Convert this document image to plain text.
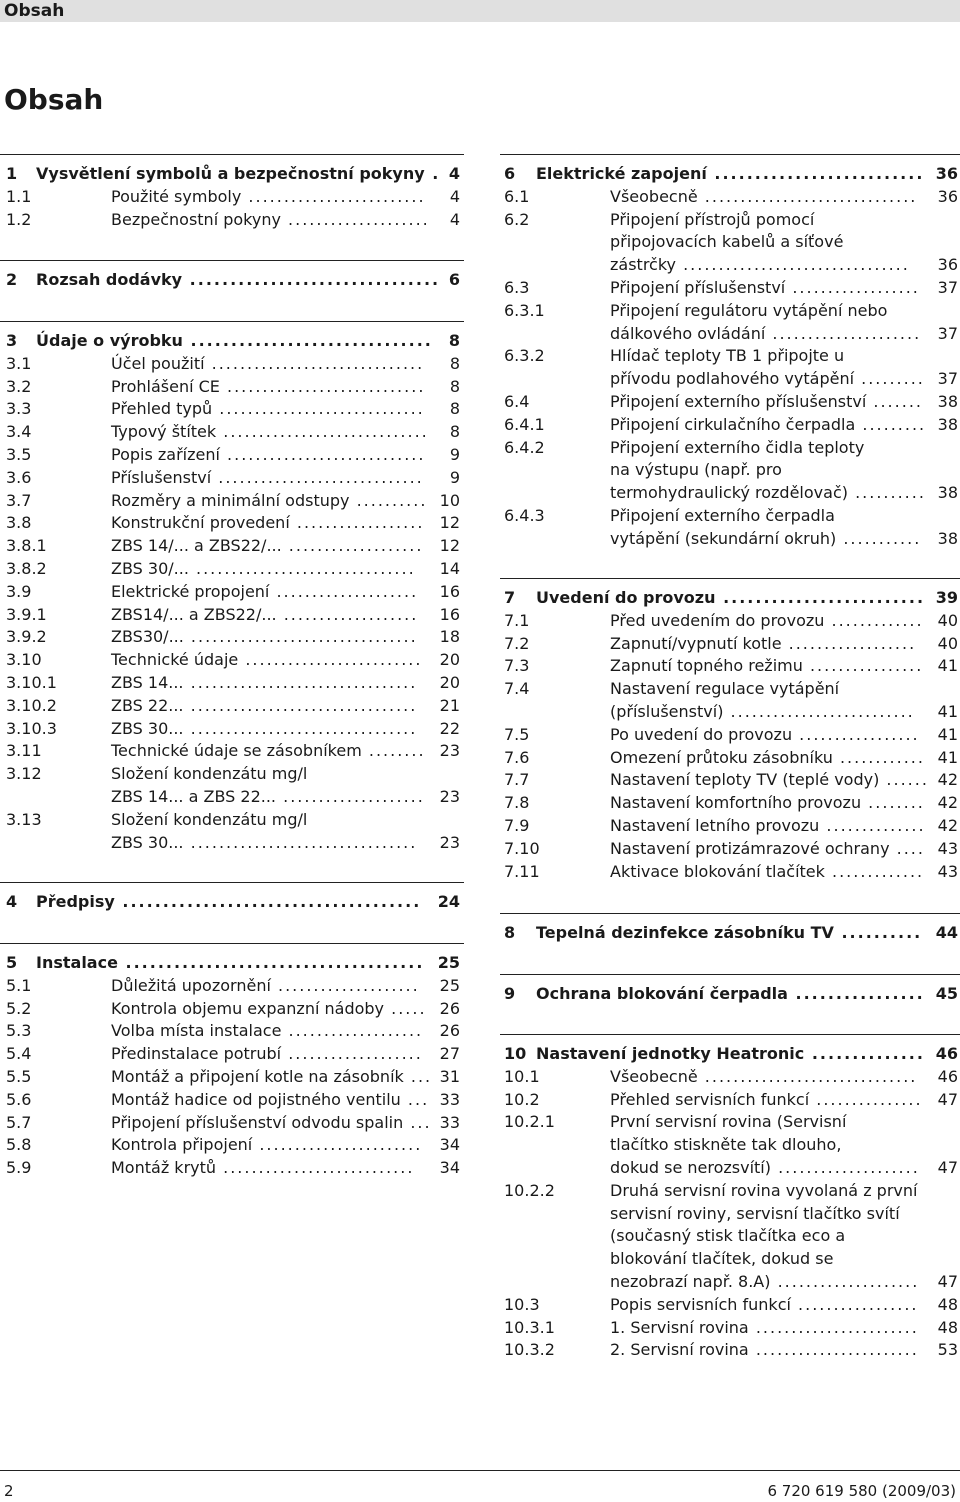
Obsah
Obsah
1 Vysvětlení symbolů a bezpečnostní pokyny . 4
1.1	Použité symboly ......................... 4
1.2	Bezpečnostní pokyny .................... 4
2 Rozsah dodávky ............................... 6
3 Údaje o výrobku .............................. 8
3.1	Účel použití .............................. 8
3.2	Prohlášení CE ............................ 8
3.3	Přehled typů ............................. 8
3.4	Typový štítek ............................. 8
3.5	Popis zařízení ............................ 9
3.6	Příslušenství ............................. 9
3.7	Rozměry a minimální odstupy .......... 10
3.8	Konstrukční provedení .................. 12
3.8.1	ZBS 14/... a ZBS22/... ................... 12
3.8.2	ZBS 30/... ............................... 14
3.9	Elektrické propojení .................... 16
3.9.1	ZBS14/... a ZBS22/... ................... 16
3.9.2	ZBS30/... ................................ 18
3.10	Technické údaje ......................... 20
3.10.1	ZBS 14... ................................ 20
3.10.2	ZBS 22... ................................ 21
3.10.3	ZBS 30... ................................ 22
3.11	Technické údaje se zásobníkem ........ 23
3.12	Složení kondenzátu mg/l
ZBS 14... a ZBS 22... .................... 23
3.13	Složení kondenzátu mg/l
ZBS 30... ................................ 23
4 Předpisy ..................................... 24
5 Instalace ..................................... 25
5.1	Důležitá upozornění .................... 25
5.2	Kontrola objemu expanzní nádoby ..... 26
5.3	Volba místa instalace ................... 26
5.4	Předinstalace potrubí ................... 27
5.5	Montáž a připojení kotle na zásobník ... 31
5.6	Montáž hadice od pojistného ventilu ... 33
5.7	Připojení příslušenství odvodu spalin ... 33
5.8	Kontrola připojení ....................... 34
5.9	Montáž krytů ........................... 34
6 Elektrické zapojení .......................... 36
6.1	Všeobecně .............................. 36
6.2	Připojení přístrojů pomocí
připojovacích kabelů a síťové
zástrčky ................................ 36
6.3	Připojení příslušenství .................. 37
6.3.1	Připojení regulátoru vytápění nebo
dálkového ovládání ..................... 37
6.3.2	Hlídač teploty TB 1 připojte u
přívodu podlahového vytápění ......... 37
6.4	Připojení externího příslušenství ....... 38
6.4.1	Připojení cirkulačního čerpadla ......... 38
6.4.2	Připojení externího čidla teploty
na výstupu (např. pro
termohydraulický rozdělovač) .......... 38
6.4.3	Připojení externího čerpadla
vytápění (sekundární okruh) ........... 38
7 Uvedení do provozu ......................... 39
7.1	Před uvedením do provozu ............. 40
7.2	Zapnutí/vypnutí kotle .................. 40
7.3	Zapnutí topného režimu ................ 41
7.4	Nastavení regulace vytápění
(příslušenství) .......................... 41
7.5	Po uvedení do provozu ................. 41
7.6	Omezení průtoku zásobníku ............ 41
7.7	Nastavení teploty TV (teplé vody) ...... 42
7.8	Nastavení komfortního provozu ........ 42
7.9	Nastavení letního provozu .............. 42
7.10	Nastavení protizámrazové ochrany .... 43
7.11	Aktivace blokování tlačítek ............. 43
8 Tepelná dezinfekce zásobníku TV .......... 44
9 Ochrana blokování čerpadla ................ 45
10 Nastavení jednotky Heatronic .............. 46
10.1	Všeobecně .............................. 46
10.2	Přehled servisních funkcí ............... 47
10.2.1	První servisní rovina (Servisní
tlačítko stiskněte tak dlouho,
dokud se nerozsvítí) .................... 47
10.2.2	Druhá servisní rovina vyvolaná z první
servisní roviny, servisní tlačítko svítí
(současný stisk tlačítka eco a
blokování tlačítek, dokud se
nezobrazí např. 8.A) .................... 47
10.3	Popis servisních funkcí ................. 48
10.3.1	1. Servisní rovina ....................... 48
10.3.2	2. Servisní rovina ....................... 53
2	6 720 619 580 (2009/03)
